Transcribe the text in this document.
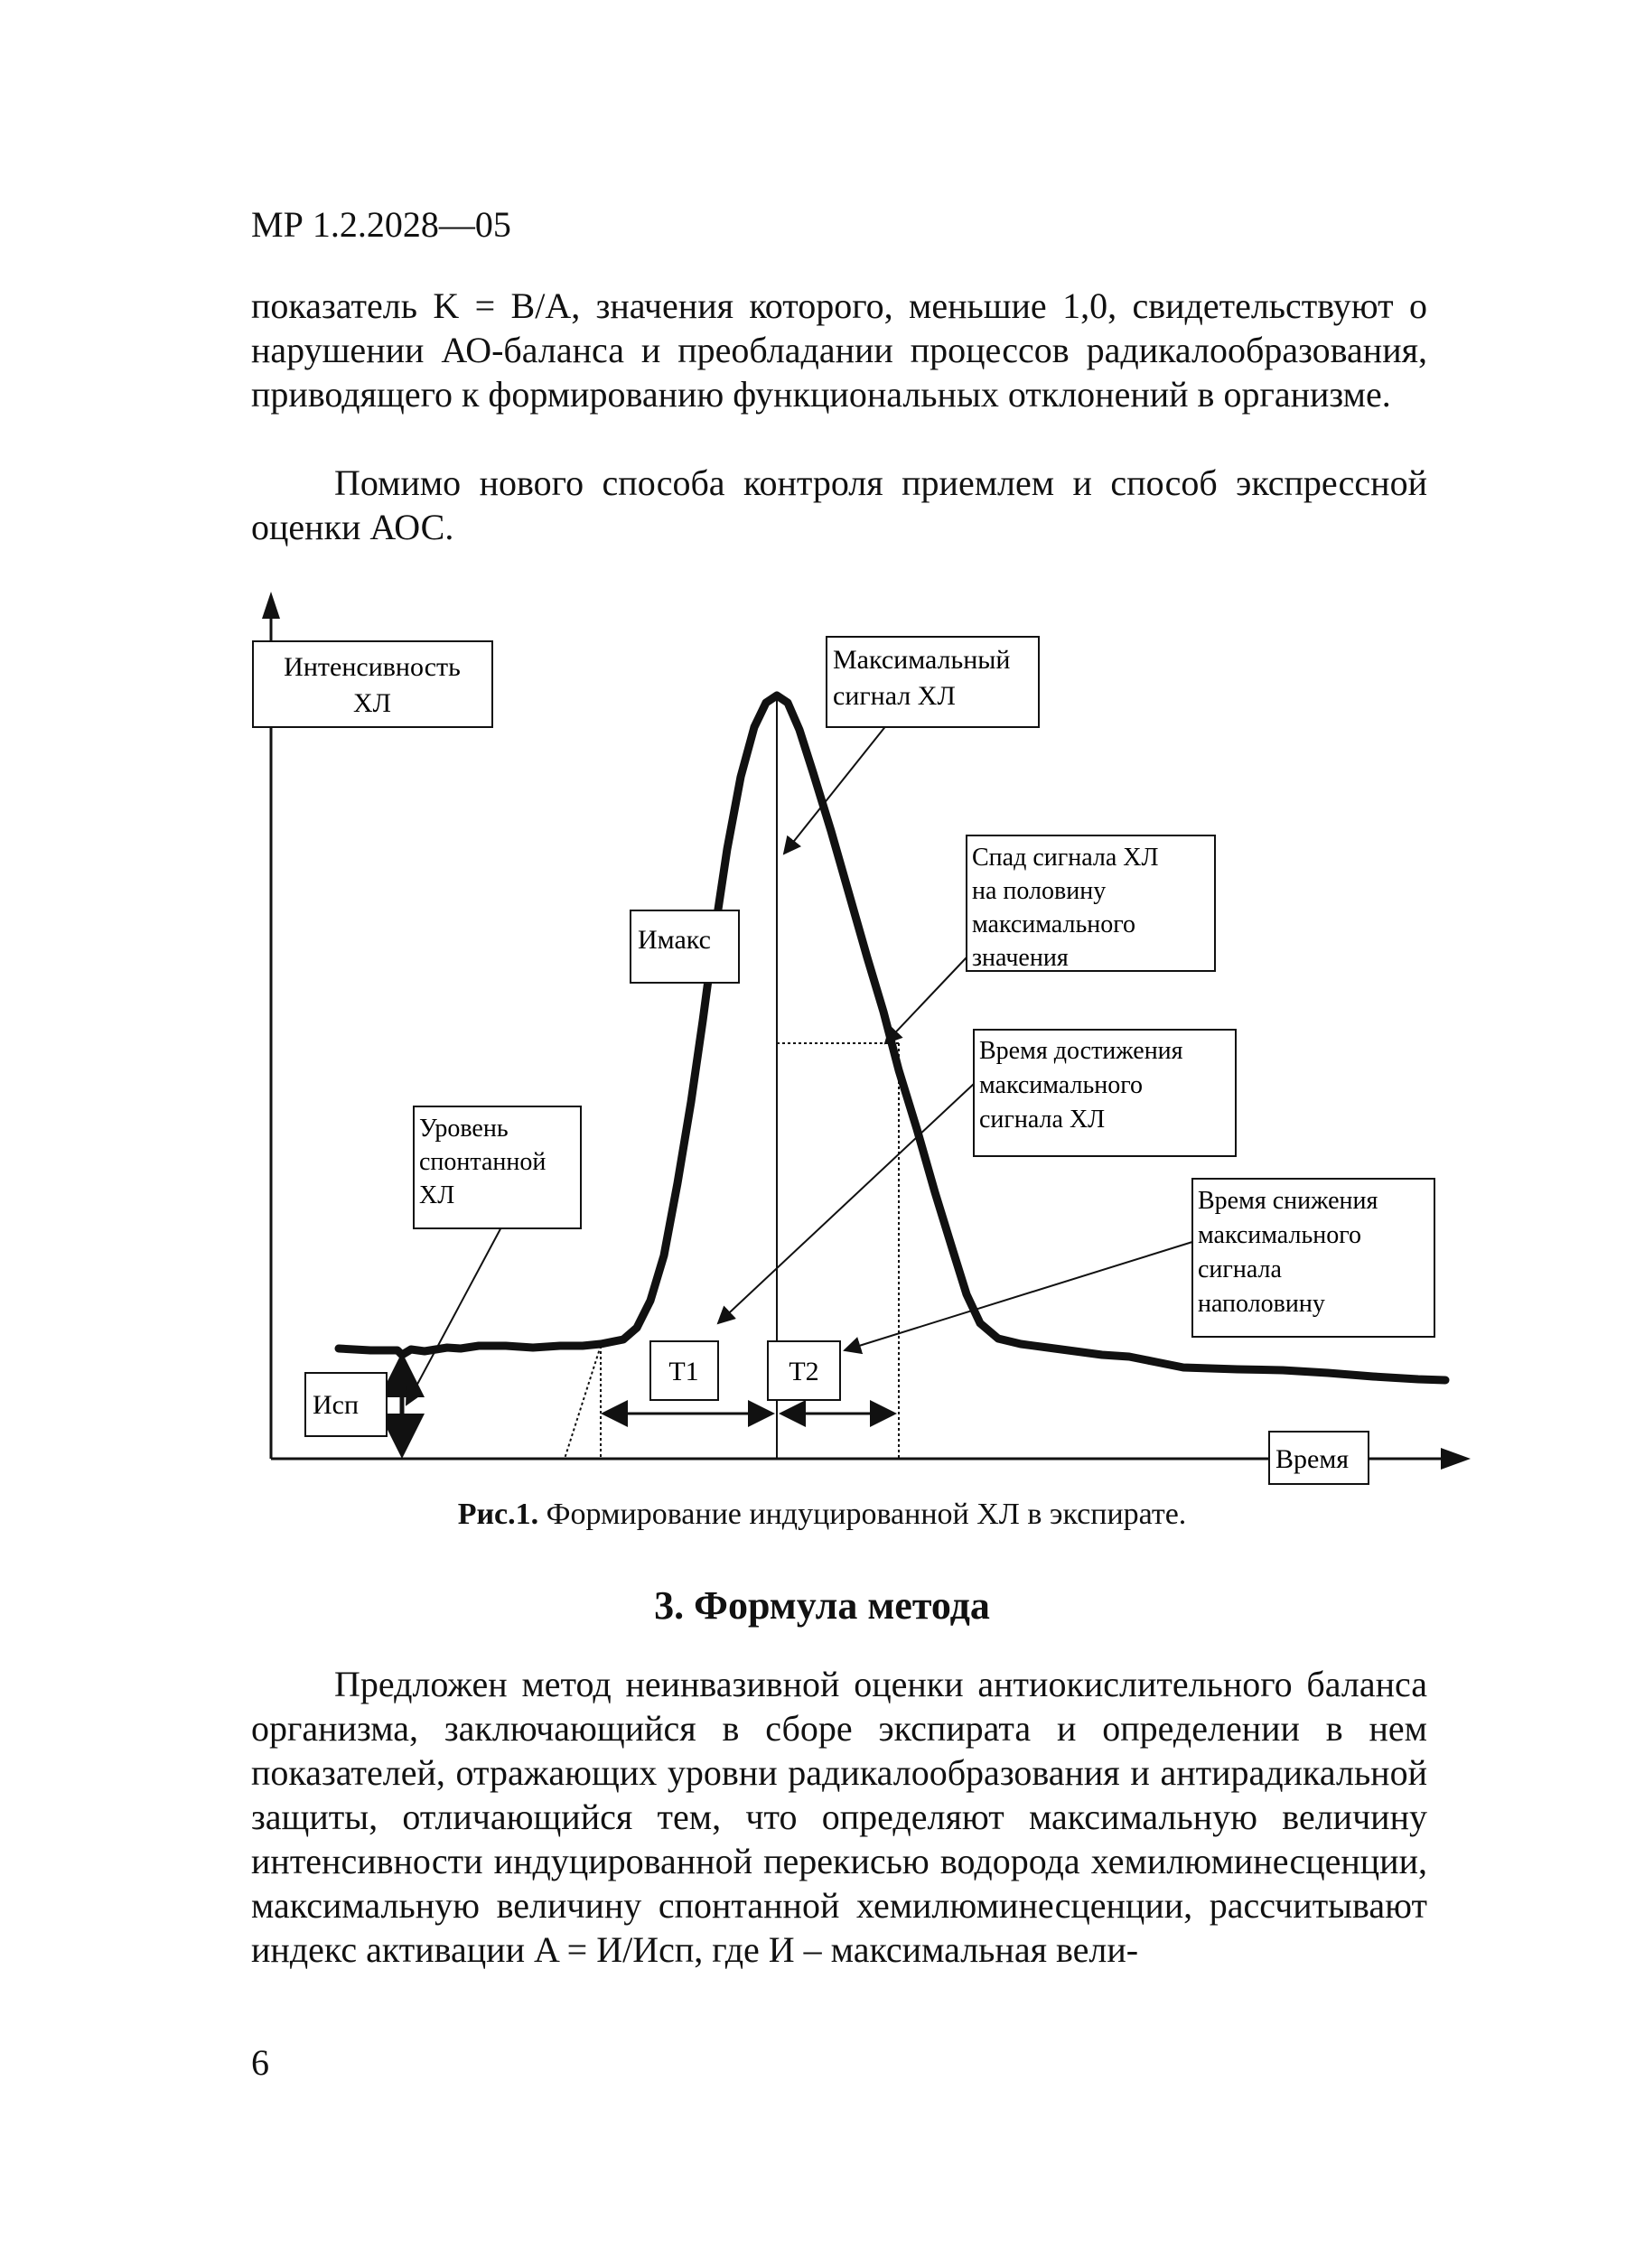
МР 1.2.2028—05
показатель K = B/A, значения которого, меньшие 1,0, свидетельствуют о нарушении АО-баланса и преобладании процессов радикалообразования, приводящего к формированию функциональных отклонений в организме.
Помимо нового способа контроля приемлем и способ экспрессной оценки АОС.
Интенсивность
ХЛ
Максимальный
сигнал ХЛ
Спад сигнала ХЛ
на половину
максимального
значения
Имакс
Время достижения
максимального
сигнала ХЛ
Уровень
спонтанной
ХЛ	Время снижения
максимального
сигнала
наполовину
Исп
T1	T2
Время
Рис.1. Формирование индуцированной ХЛ в экспирате.
3. Формула метода
Предложен метод неинвазивной оценки антиокислительного баланса организма, заключающийся в сборе экспирата и определении в нем показателей, отражающих уровни радикалообразования и антирадикальной защиты, отличающийся тем, что определяют максимальную величину интенсивности индуцированной перекисью водорода хемилюминесценции, максимальную величину спонтанной хемилюминесценции, рассчитывают индекс активации A = И/Исп, где И – максимальная вели-
6
